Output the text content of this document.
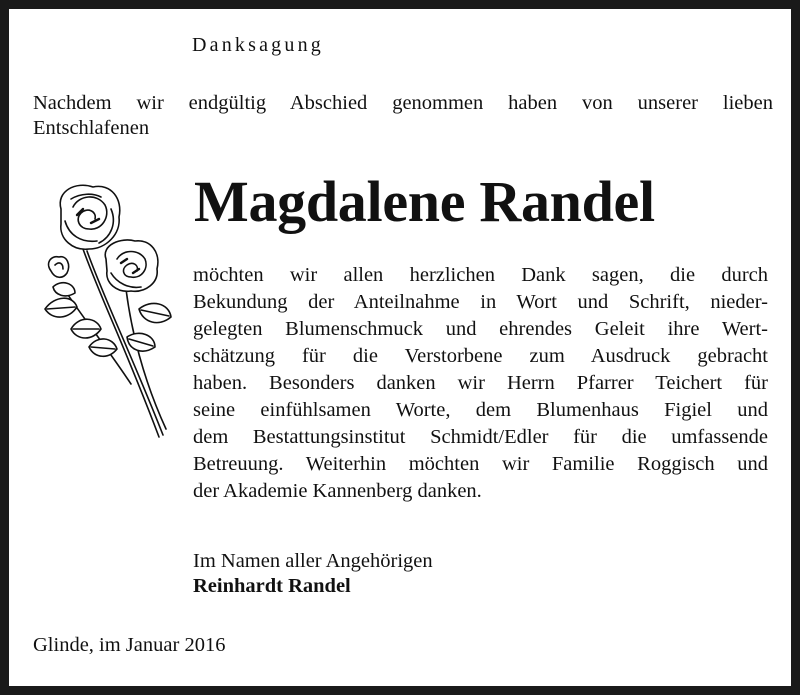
Danksagung
Nachdem wir endgültig Abschied genommen haben von unserer lieben
Entschlafenen
Magdalene Randel
möchten wir allen herzlichen Dank sagen, die durch
Bekundung der Anteilnahme in Wort und Schrift, nieder-
gelegten Blumenschmuck und ehrendes Geleit ihre Wert-
schätzung für die Verstorbene zum Ausdruck gebracht
haben. Besonders danken wir Herrn Pfarrer Teichert für
seine einfühlsamen Worte, dem Blumenhaus Figiel und
dem Bestattungsinstitut Schmidt/Edler für die umfassende
Betreuung. Weiterhin möchten wir Familie Roggisch und
der Akademie Kannenberg danken.
Im Namen aller Angehörigen
Reinhardt Randel
Glinde, im Januar 2016
